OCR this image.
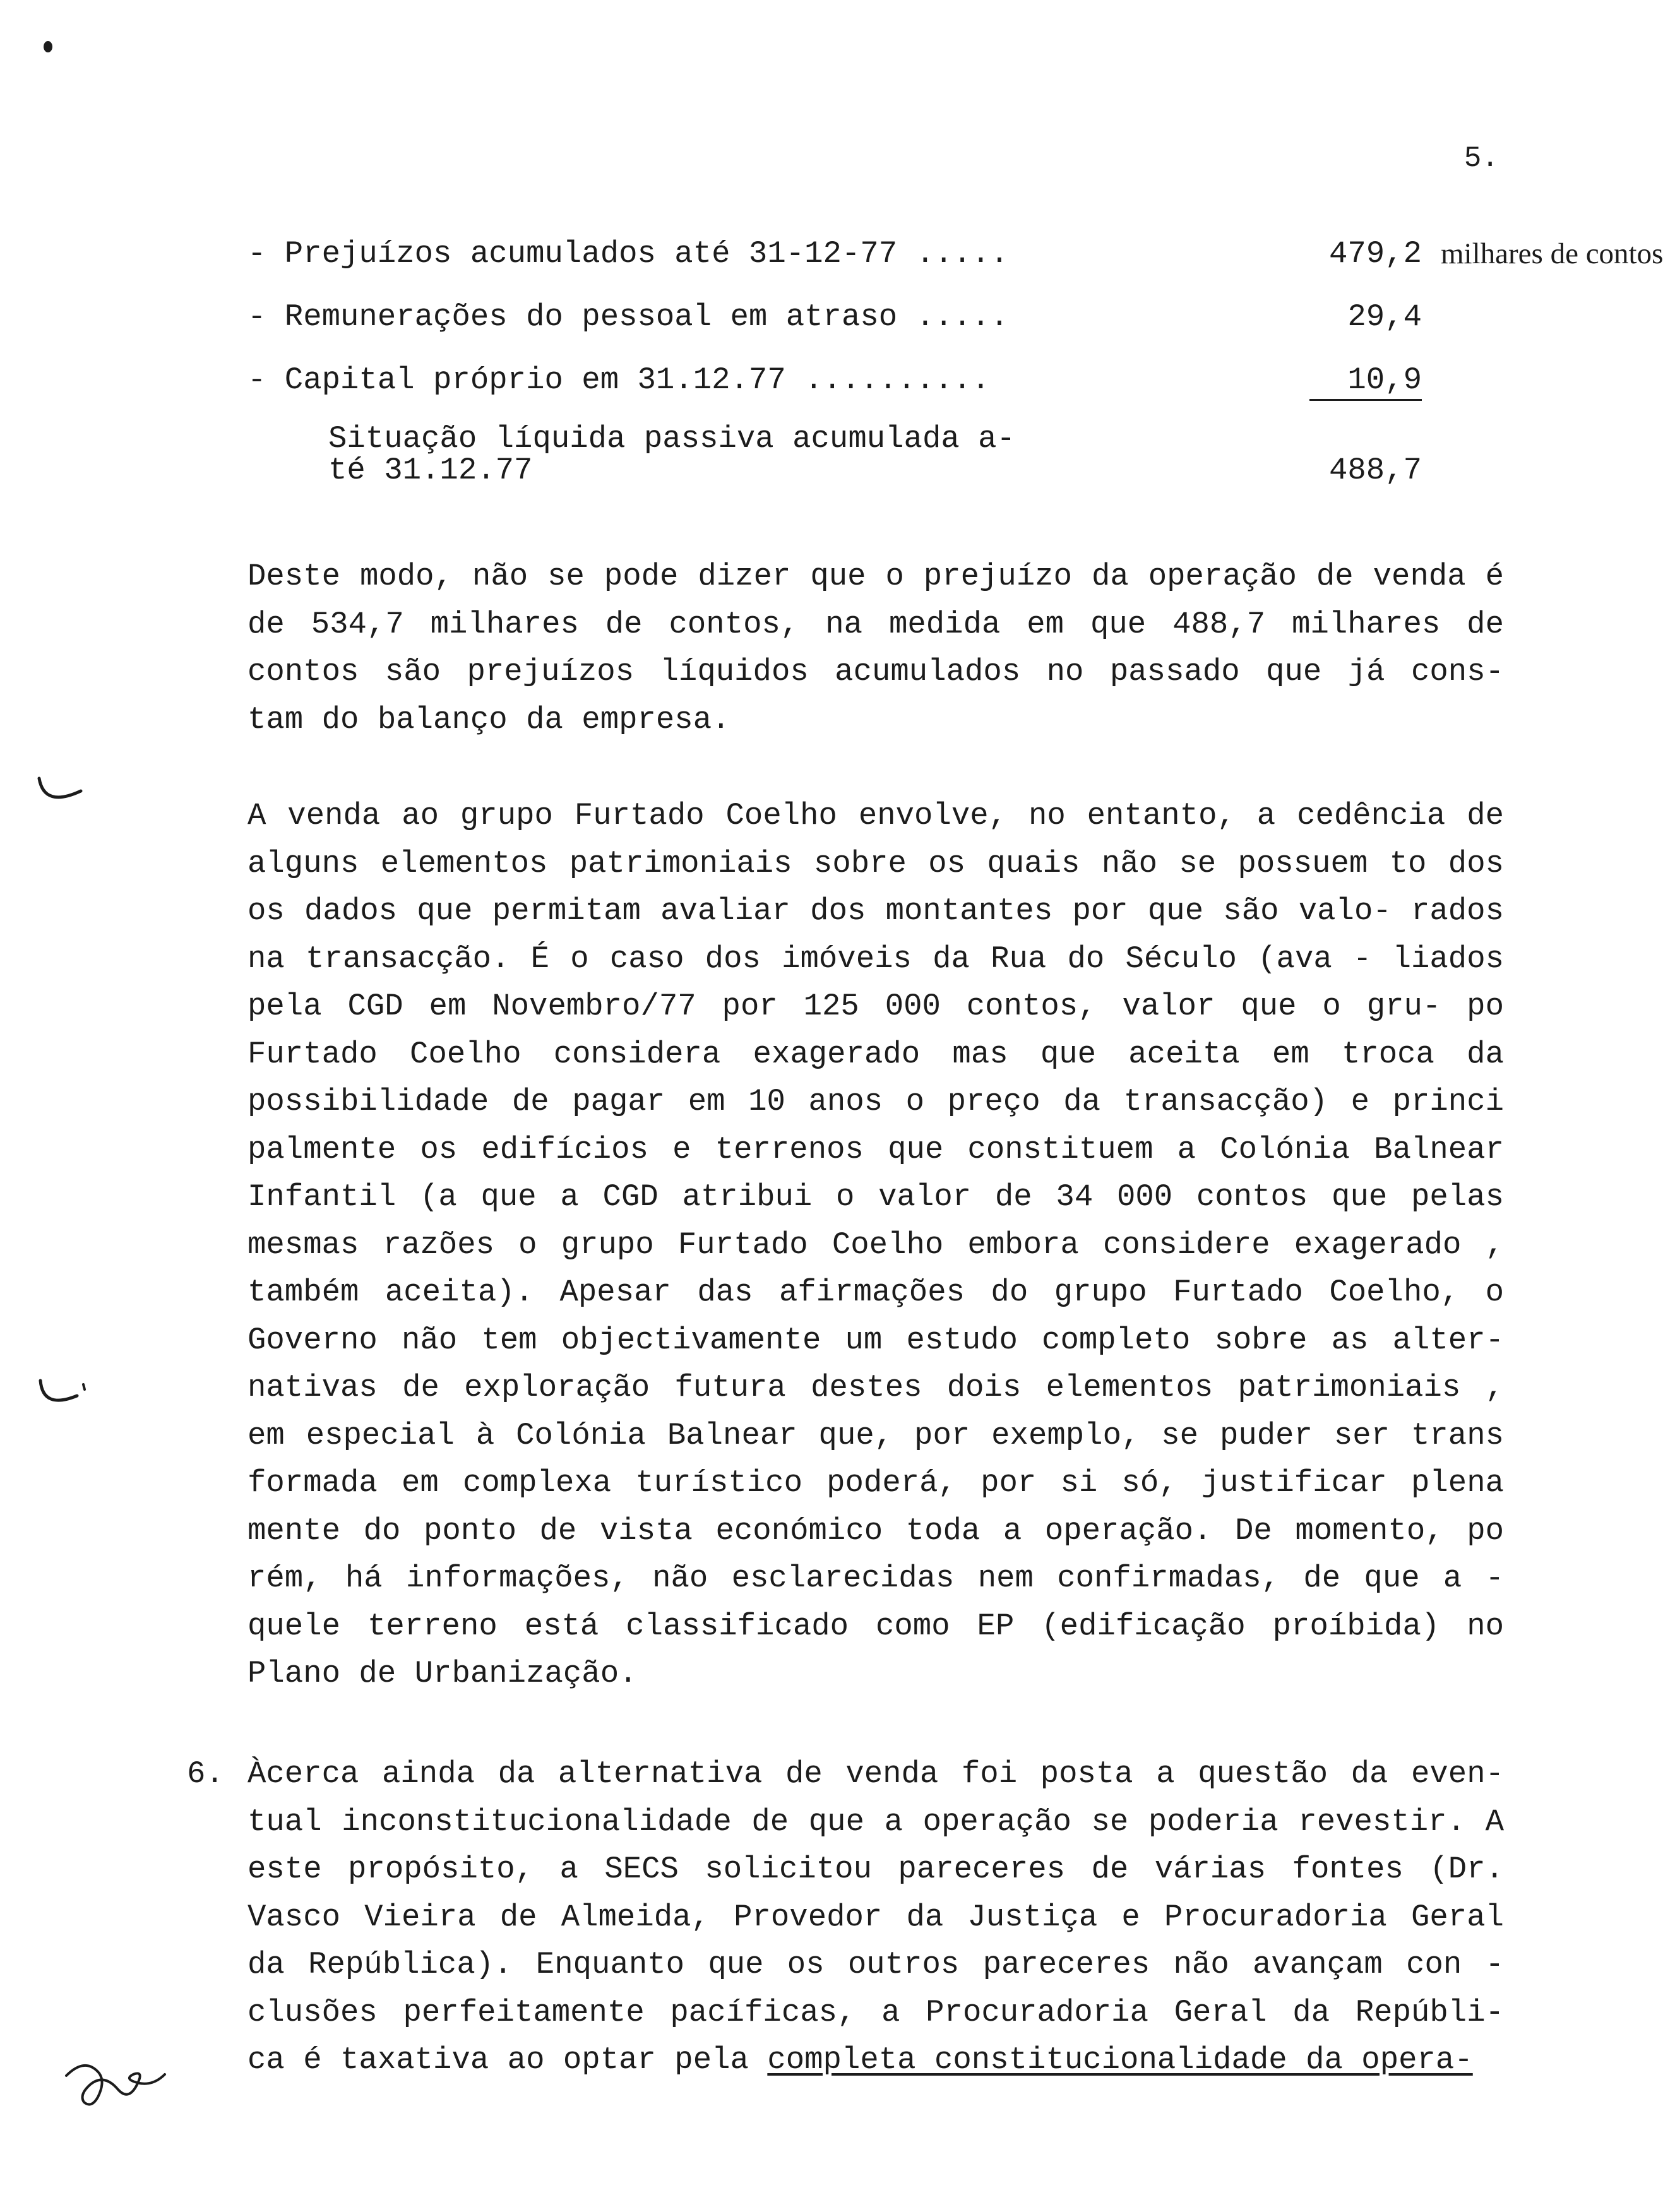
5.
- Prejuízos acumulados até 31-12-77 .....	479,2 milhares de contos
- Remunerações do pessoal em atraso .....	29,4
- Capital próprio em 31.12.77 ..........	10,9
Situação líquida passiva acumulada a-
té 31.12.77	488,7

Deste modo, não se pode dizer que o prejuízo da operação de venda é de 534,7 milhares de contos, na medida em que 488,7 milhares de contos são prejuízos líquidos acumulados no passado que já cons- tam do balanço da empresa.

A venda ao grupo Furtado Coelho envolve, no entanto, a cedência de alguns elementos patrimoniais sobre os quais não se possuem to dos os dados que permitam avaliar dos montantes por que são valo- rados na transacção. É o caso dos imóveis da Rua do Século (ava - liados pela CGD em Novembro/77 por 125 000 contos, valor que o gru- po Furtado Coelho considera exagerado mas que aceita em troca da possibilidade de pagar em 10 anos o preço da transacção) e princi palmente os edifícios e terrenos que constituem a Colónia Balnear Infantil (a que a CGD atribui o valor de 34 000 contos que pelas mesmas razões o grupo Furtado Coelho embora considere exagerado , também aceita). Apesar das afirmações do grupo Furtado Coelho, o Governo não tem objectivamente um estudo completo sobre as alter- nativas de exploração futura destes dois elementos patrimoniais , em especial à Colónia Balnear que, por exemplo, se puder ser trans formada em complexa turístico poderá, por si só, justificar plena mente do ponto de vista económico toda a operação. De momento, po rém, há informações, não esclarecidas nem confirmadas, de que a - quele terreno está classificado como EP (edificação proíbida) no Plano de Urbanização.

6. Àcerca ainda da alternativa de venda foi posta a questão da even- tual inconstitucionalidade de que a operação se poderia revestir. A este propósito, a SECS solicitou pareceres de várias fontes (Dr. Vasco Vieira de Almeida, Provedor da Justiça e Procuradoria Geral da República). Enquanto que os outros pareceres não avançam con - clusões perfeitamente pacíficas, a Procuradoria Geral da Repúbli- ca é taxativa ao optar pela completa constitucionalidade da opera-
